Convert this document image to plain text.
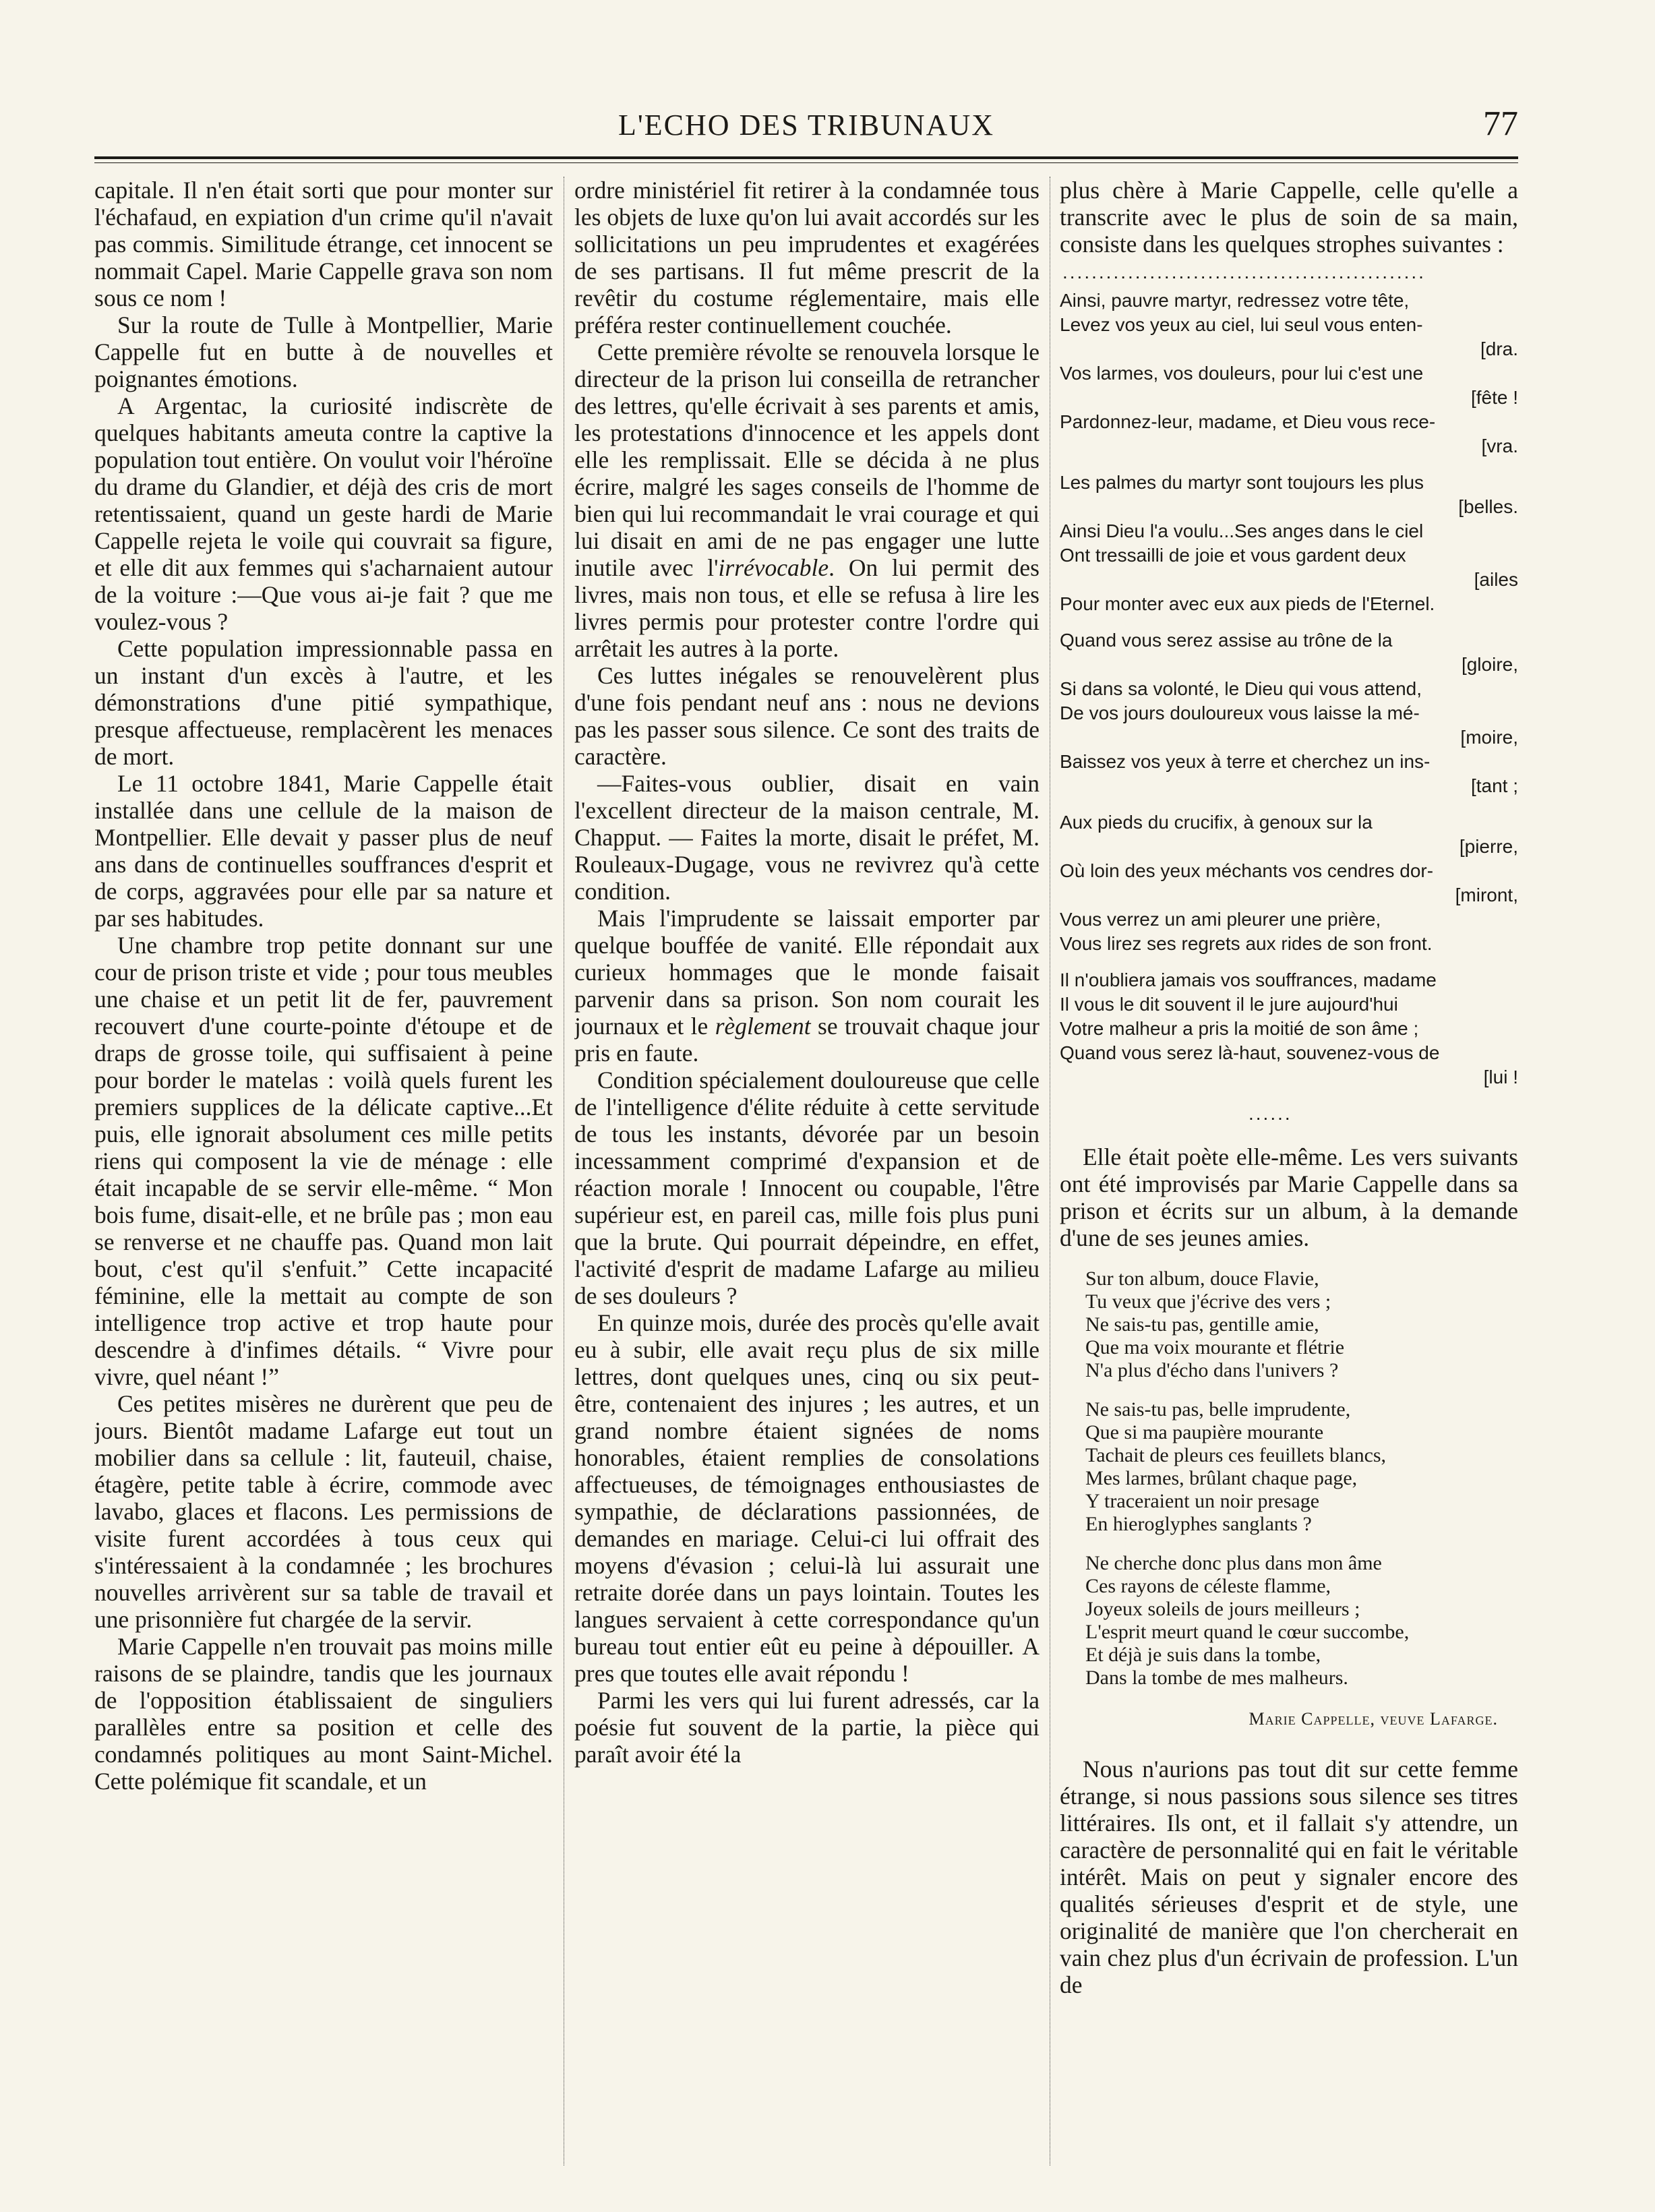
L'ECHO DES TRIBUNAUX	77

capitale. Il n'en était sorti que pour monter sur l'échafaud, en expiation d'un crime qu'il n'avait pas commis. Similitude étrange, cet innocent se nommait Capel. Marie Cappelle grava son nom sous ce nom !

Sur la route de Tulle à Montpellier, Marie Cappelle fut en butte à de nouvelles et poignantes émotions.

A Argentac, la curiosité indiscrète de quelques habitants ameuta contre la captive la population tout entière. On voulut voir l'héroïne du drame du Glandier, et déjà des cris de mort retentissaient, quand un geste hardi de Marie Cappelle rejeta le voile qui couvrait sa figure, et elle dit aux femmes qui s'acharnaient autour de la voiture :—Que vous ai-je fait ? que me voulez-vous ?

Cette population impressionnable passa en un instant d'un excès à l'autre, et les démonstrations d'une pitié sympathique, presque affectueuse, remplacèrent les menaces de mort.

Le 11 octobre 1841, Marie Cappelle était installée dans une cellule de la maison de Montpellier. Elle devait y passer plus de neuf ans dans de continuelles souffrances d'esprit et de corps, aggravées pour elle par sa nature et par ses habitudes.

Une chambre trop petite donnant sur une cour de prison triste et vide ; pour tous meubles une chaise et un petit lit de fer, pauvrement recouvert d'une courte-pointe d'étoupe et de draps de grosse toile, qui suffisaient à peine pour border le matelas : voilà quels furent les premiers supplices de la délicate captive...Et puis, elle ignorait absolument ces mille petits riens qui composent la vie de ménage : elle était incapable de se servir elle-même. “ Mon bois fume, disait-elle, et ne brûle pas ; mon eau se renverse et ne chauffe pas. Quand mon lait bout, c'est qu'il s'enfuit.” Cette incapacité féminine, elle la mettait au compte de son intelligence trop active et trop haute pour descendre à d'infimes détails. “ Vivre pour vivre, quel néant !”

Ces petites misères ne durèrent que peu de jours. Bientôt madame Lafarge eut tout un mobilier dans sa cellule : lit, fauteuil, chaise, étagère, petite table à écrire, commode avec lavabo, glaces et flacons. Les permissions de visite furent accordées à tous ceux qui s'intéressaient à la condamnée ; les brochures nouvelles arrivèrent sur sa table de travail et une prisonnière fut chargée de la servir.

Marie Cappelle n'en trouvait pas moins mille raisons de se plaindre, tandis que les journaux de l'opposition établissaient de singuliers parallèles entre sa position et celle des condamnés politiques au mont Saint-Michel. Cette polémique fit scandale, et un

ordre ministériel fit retirer à la condamnée tous les objets de luxe qu'on lui avait accordés sur les sollicitations un peu imprudentes et exagérées de ses partisans. Il fut même prescrit de la revêtir du costume réglementaire, mais elle préféra rester continuellement couchée.

Cette première révolte se renouvela lorsque le directeur de la prison lui conseilla de retrancher des lettres, qu'elle écrivait à ses parents et amis, les protestations d'innocence et les appels dont elle les remplissait. Elle se décida à ne plus écrire, malgré les sages conseils de l'homme de bien qui lui recommandait le vrai courage et qui lui disait en ami de ne pas engager une lutte inutile avec l'irrévocable. On lui permit des livres, mais non tous, et elle se refusa à lire les livres permis pour protester contre l'ordre qui arrêtait les autres à la porte.

Ces luttes inégales se renouvelèrent plus d'une fois pendant neuf ans : nous ne devions pas les passer sous silence. Ce sont des traits de caractère.

—Faites-vous oublier, disait en vain l'excellent directeur de la maison centrale, M. Chapput. — Faites la morte, disait le préfet, M. Rouleaux-Dugage, vous ne revivrez qu'à cette condition.

Mais l'imprudente se laissait emporter par quelque bouffée de vanité. Elle répondait aux curieux hommages que le monde faisait parvenir dans sa prison. Son nom courait les journaux et le règlement se trouvait chaque jour pris en faute.

Condition spécialement douloureuse que celle de l'intelligence d'élite réduite à cette servitude de tous les instants, dévorée par un besoin incessamment comprimé d'expansion et de réaction morale ! Innocent ou coupable, l'être supérieur est, en pareil cas, mille fois plus puni que la brute. Qui pourrait dépeindre, en effet, l'activité d'esprit de madame Lafarge au milieu de ses douleurs ?

En quinze mois, durée des procès qu'elle avait eu à subir, elle avait reçu plus de six mille lettres, dont quelques unes, cinq ou six peut-être, contenaient des injures ; les autres, et un grand nombre étaient signées de noms honorables, étaient remplies de consolations affectueuses, de témoignages enthousiastes de sympathie, de déclarations passionnées, de demandes en mariage. Celui-ci lui offrait des moyens d'évasion ; celui-là lui assurait une retraite dorée dans un pays lointain. Toutes les langues servaient à cette correspondance qu'un bureau tout entier eût eu peine à dépouiller. A pres que toutes elle avait répondu !

Parmi les vers qui lui furent adressés, car la poésie fut souvent de la partie, la pièce qui paraît avoir été la

plus chère à Marie Cappelle, celle qu'elle a transcrite avec le plus de soin de sa main, consiste dans les quelques strophes suivantes :

..................................................
Ainsi, pauvre martyr, redressez votre tête,
Levez vos yeux au ciel, lui seul vous enten-
[dra.
Vos larmes, vos douleurs, pour lui c'est une
[fête !
Pardonnez-leur, madame, et Dieu vous rece-
[vra.
Les palmes du martyr sont toujours les plus
[belles.
Ainsi Dieu l'a voulu...Ses anges dans le ciel
Ont tressailli de joie et vous gardent deux
[ailes
Pour monter avec eux aux pieds de l'Eternel.
Quand vous serez assise au trône de la
[gloire,
Si dans sa volonté, le Dieu qui vous attend,
De vos jours douloureux vous laisse la mé-
[moire,
Baissez vos yeux à terre et cherchez un ins-
[tant ;
Aux pieds du crucifix, à genoux sur la
[pierre,
Où loin des yeux méchants vos cendres dor-
[miront,
Vous verrez un ami pleurer une prière,
Vous lirez ses regrets aux rides de son front.
Il n'oubliera jamais vos souffrances, madame
Il vous le dit souvent il le jure aujourd'hui
Votre malheur a pris la moitié de son âme ;
Quand vous serez là-haut, souvenez-vous de
[lui !
......

Elle était poète elle-même. Les vers suivants ont été improvisés par Marie Cappelle dans sa prison et écrits sur un album, à la demande d'une de ses jeunes amies.

Sur ton album, douce Flavie,
Tu veux que j'écrive des vers ;
Ne sais-tu pas, gentille amie,
Que ma voix mourante et flétrie
N'a plus d'écho dans l'univers ?
Ne sais-tu pas, belle imprudente,
Que si ma paupière mourante
Tachait de pleurs ces feuillets blancs,
Mes larmes, brûlant chaque page,
Y traceraient un noir presage
En hieroglyphes sanglants ?
Ne cherche donc plus dans mon âme
Ces rayons de céleste flamme,
Joyeux soleils de jours meilleurs ;
L'esprit meurt quand le cœur succombe,
Et déjà je suis dans la tombe,
Dans la tombe de mes malheurs.
Marie Cappelle, veuve Lafarge.

Nous n'aurions pas tout dit sur cette femme étrange, si nous passions sous silence ses titres littéraires. Ils ont, et il fallait s'y attendre, un caractère de personnalité qui en fait le véritable intérêt. Mais on peut y signaler encore des qualités sérieuses d'esprit et de style, une originalité de manière que l'on chercherait en vain chez plus d'un écrivain de profession. L'un de
